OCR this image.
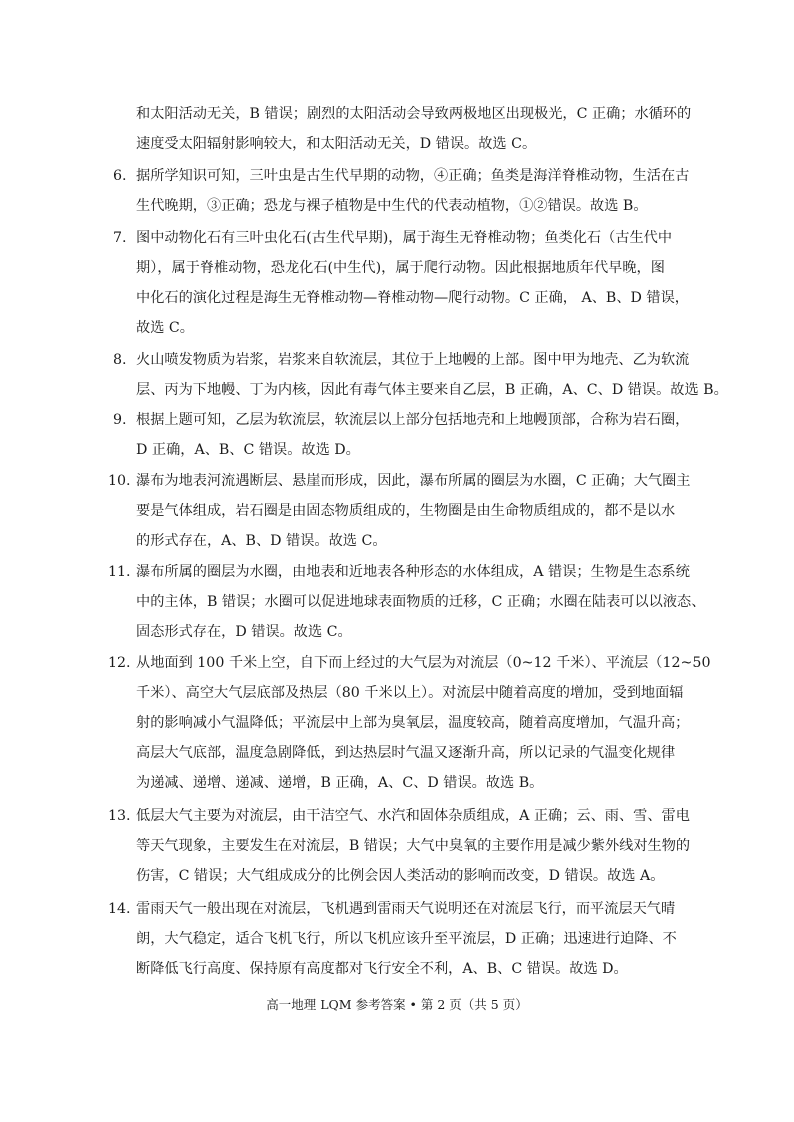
和太阳活动无关，B 错误；剧烈的太阳活动会导致两极地区出现极光，C 正确；水循环的
速度受太阳辐射影响较大，和太阳活动无关，D 错误。故选 C。
6. 据所学知识可知，三叶虫是古生代早期的动物，④正确；鱼类是海洋脊椎动物，生活在古
生代晚期，③正确；恐龙与裸子植物是中生代的代表动植物，①②错误。故选 B。
7. 图中动物化石有三叶虫化石(古生代早期)，属于海生无脊椎动物；鱼类化石（古生代中
期），属于脊椎动物，恐龙化石(中生代)，属于爬行动物。因此根据地质年代早晚，图
中化石的演化过程是海生无脊椎动物—脊椎动物—爬行动物。C 正确， A、B、D 错误，
故选 C。
8. 火山喷发物质为岩浆，岩浆来自软流层，其位于上地幔的上部。图中甲为地壳、乙为软流
层、丙为下地幔、丁为内核，因此有毒气体主要来自乙层，B 正确，A、C、D 错误。故选 B。
9. 根据上题可知，乙层为软流层，软流层以上部分包括地壳和上地幔顶部，合称为岩石圈，
D 正确，A、B、C 错误。故选 D。
10. 瀑布为地表河流遇断层、悬崖而形成，因此，瀑布所属的圈层为水圈，C 正确；大气圈主
要是气体组成，岩石圈是由固态物质组成的，生物圈是由生命物质组成的，都不是以水
的形式存在，A、B、D 错误。故选 C。
11. 瀑布所属的圈层为水圈，由地表和近地表各种形态的水体组成，A 错误；生物是生态系统
中的主体，B 错误；水圈可以促进地球表面物质的迁移，C 正确；水圈在陆表可以以液态、
固态形式存在，D 错误。故选 C。
12. 从地面到 100 千米上空，自下而上经过的大气层为对流层（0~12 千米）、平流层（12~50
千米）、高空大气层底部及热层（80 千米以上）。对流层中随着高度的增加，受到地面辐
射的影响减小气温降低；平流层中上部为臭氧层，温度较高，随着高度增加，气温升高；
高层大气底部，温度急剧降低，到达热层时气温又逐渐升高，所以记录的气温变化规律
为递减、递增、递减、递增，B 正确，A、C、D 错误。故选 B。
13. 低层大气主要为对流层，由干洁空气、水汽和固体杂质组成，A 正确；云、雨、雪、雷电
等天气现象，主要发生在对流层，B 错误；大气中臭氧的主要作用是减少紫外线对生物的
伤害，C 错误；大气组成成分的比例会因人类活动的影响而改变，D 错误。故选 A。
14. 雷雨天气一般出现在对流层，飞机遇到雷雨天气说明还在对流层飞行，而平流层天气晴
朗，大气稳定，适合飞机飞行，所以飞机应该升至平流层，D 正确；迅速进行迫降、不
断降低飞行高度、保持原有高度都对飞行安全不利，A、B、C 错误。故选 D。
高一地理 LQM 参考答案 • 第 2 页（共 5 页）
